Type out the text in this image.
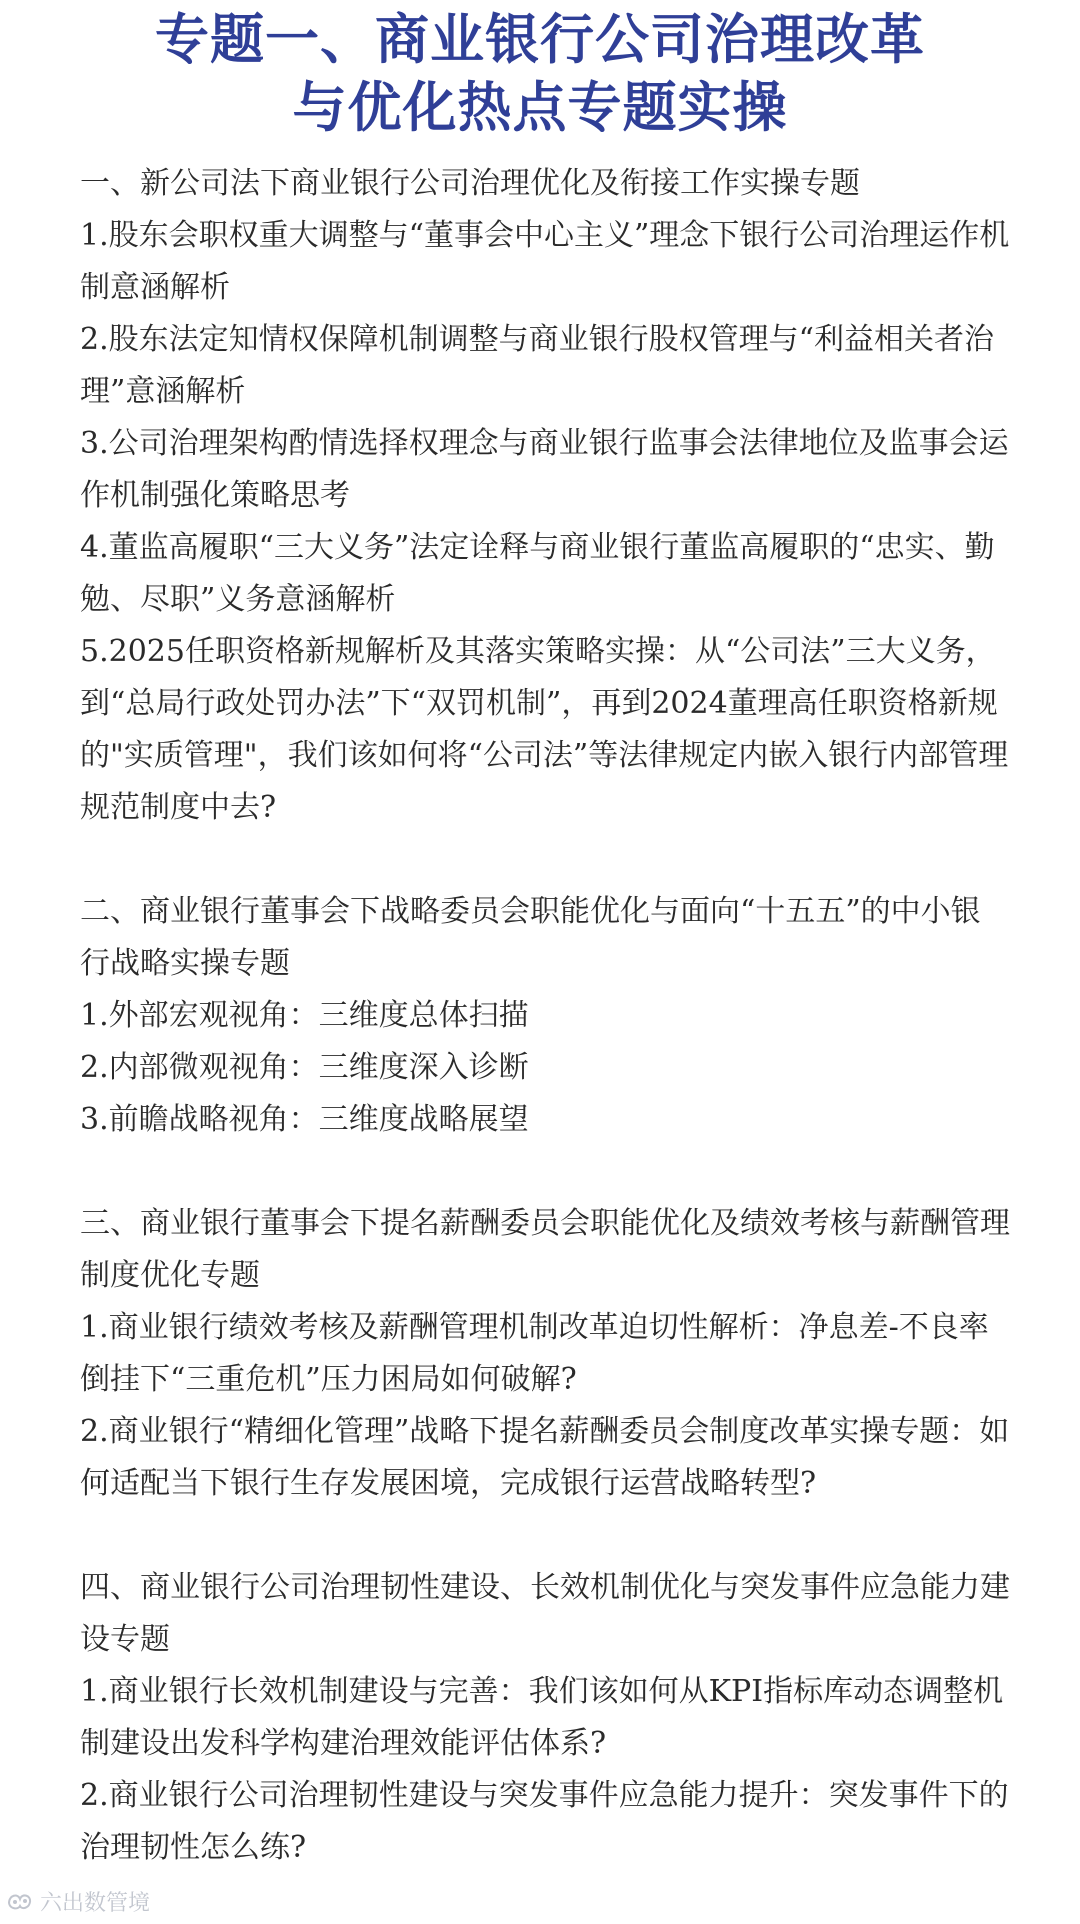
专题一、商业银行公司治理改革
与优化热点专题实操

一、新公司法下商业银行公司治理优化及衔接工作实操专题

1.股东会职权重大调整与“董事会中心主义”理念下银行公司治理运作机制意涵解析

2.股东法定知情权保障机制调整与商业银行股权管理与“利益相关者治理”意涵解析

3.公司治理架构酌情选择权理念与商业银行监事会法律地位及监事会运作机制强化策略思考

4.董监高履职“三大义务”法定诠释与商业银行董监高履职的“忠实、勤勉、尽职”义务意涵解析

5.2025任职资格新规解析及其落实策略实操：从“公司法”三大义务，到“总局行政处罚办法”下“双罚机制”，再到2024董理高任职资格新规的"实质管理"，我们该如何将“公司法”等法律规定内嵌入银行内部管理规范制度中去?

二、商业银行董事会下战略委员会职能优化与面向“十五五”的中小银行战略实操专题

1.外部宏观视角：三维度总体扫描

2.内部微观视角：三维度深入诊断

3.前瞻战略视角：三维度战略展望

三、商业银行董事会下提名薪酬委员会职能优化及绩效考核与薪酬管理制度优化专题

1.商业银行绩效考核及薪酬管理机制改革迫切性解析：净息差-不良率倒挂下“三重危机”压力困局如何破解?

2.商业银行“精细化管理”战略下提名薪酬委员会制度改革实操专题：如何适配当下银行生存发展困境，完成银行运营战略转型?

四、商业银行公司治理韧性建设、长效机制优化与突发事件应急能力建设专题

1.商业银行长效机制建设与完善：我们该如何从KPI指标库动态调整机制建设出发科学构建治理效能评估体系?

2.商业银行公司治理韧性建设与突发事件应急能力提升：突发事件下的治理韧性怎么练?

六出数管境
